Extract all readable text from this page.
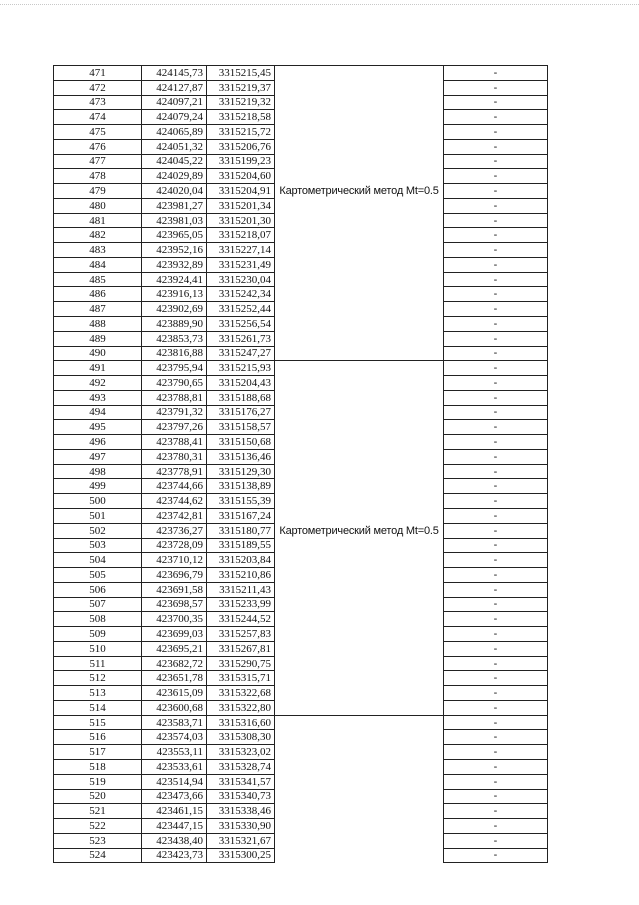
471	424145,73	3315215,45		-
472	424127,87	3315219,37		-
473	424097,21	3315219,32		-
474	424079,24	3315218,58		-
475	424065,89	3315215,72		-
476	424051,32	3315206,76		-
477	424045,22	3315199,23		-
478	424029,89	3315204,60		-
479	424020,04	3315204,91	Картометрический метод Mt=0.5	-
480	423981,27	3315201,34		-
481	423981,03	3315201,30		-
482	423965,05	3315218,07		-
483	423952,16	3315227,14		-
484	423932,89	3315231,49		-
485	423924,41	3315230,04		-
486	423916,13	3315242,34		-
487	423902,69	3315252,44		-
488	423889,90	3315256,54		-
489	423853,73	3315261,73		-
490	423816,88	3315247,27		-
491	423795,94	3315215,93		-
492	423790,65	3315204,43		-
493	423788,81	3315188,68		-
494	423791,32	3315176,27		-
495	423797,26	3315158,57		-
496	423788,41	3315150,68		-
497	423780,31	3315136,46		-
498	423778,91	3315129,30		-
499	423744,66	3315138,89		-
500	423744,62	3315155,39		-
501	423742,81	3315167,24		-
502	423736,27	3315180,77	Картометрический метод Mt=0.5	-
503	423728,09	3315189,55		-
504	423710,12	3315203,84		-
505	423696,79	3315210,86		-
506	423691,58	3315211,43		-
507	423698,57	3315233,99		-
508	423700,35	3315244,52		-
509	423699,03	3315257,83		-
510	423695,21	3315267,81		-
511	423682,72	3315290,75		-
512	423651,78	3315315,71		-
513	423615,09	3315322,68		-
514	423600,68	3315322,80		-
515	423583,71	3315316,60		-
516	423574,03	3315308,30		-
517	423553,11	3315323,02		-
518	423533,61	3315328,74		-
519	423514,94	3315341,57		-
520	423473,66	3315340,73		-
521	423461,15	3315338,46		-
522	423447,15	3315330,90		-
523	423438,40	3315321,67		-
524	423423,73	3315300,25		-
